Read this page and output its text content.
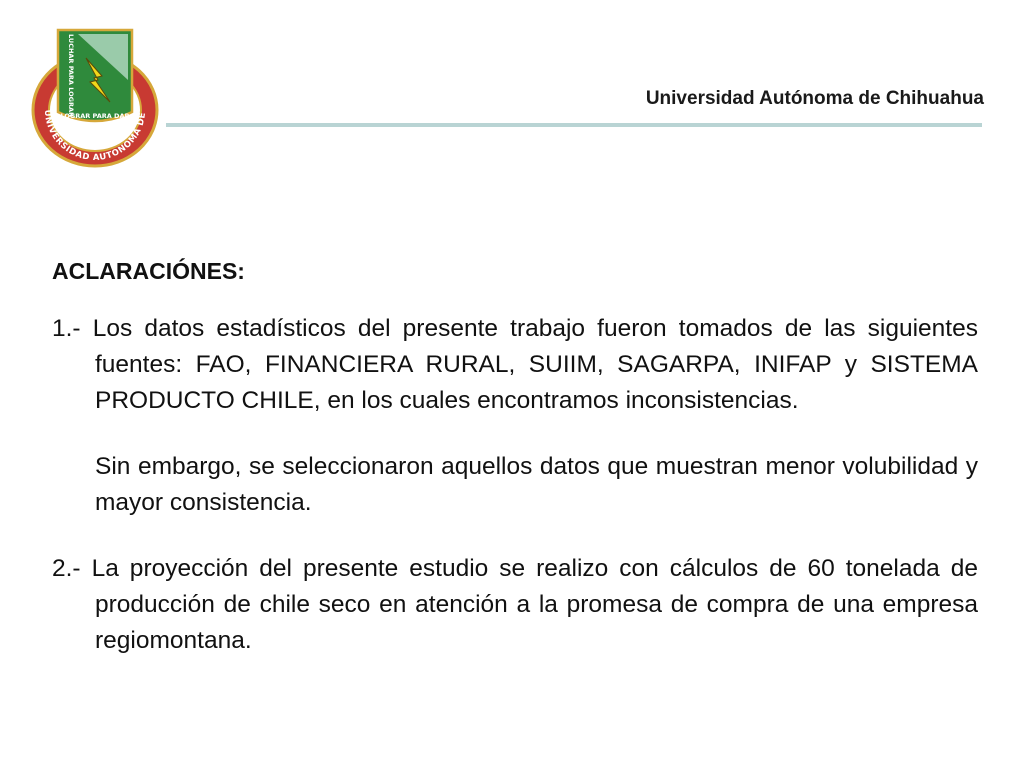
UNIVERSIDAD AUTONOMA DE
LUCHAR PARA LOGRAR
LOGRAR PARA DAR
Universidad Autónoma de Chihuahua

ACLARACIÓNES:

1.- Los datos estadísticos del presente trabajo fueron tomados de las siguientes fuentes: FAO, FINANCIERA RURAL, SUIIM, SAGARPA, INIFAP y SISTEMA PRODUCTO CHILE, en los cuales encontramos inconsistencias.

Sin embargo, se seleccionaron aquellos datos que muestran menor volubilidad y mayor consistencia.

2.- La proyección del presente estudio se realizo con cálculos de 60 tonelada de producción de chile seco en atención a la promesa de compra de una empresa regiomontana.
